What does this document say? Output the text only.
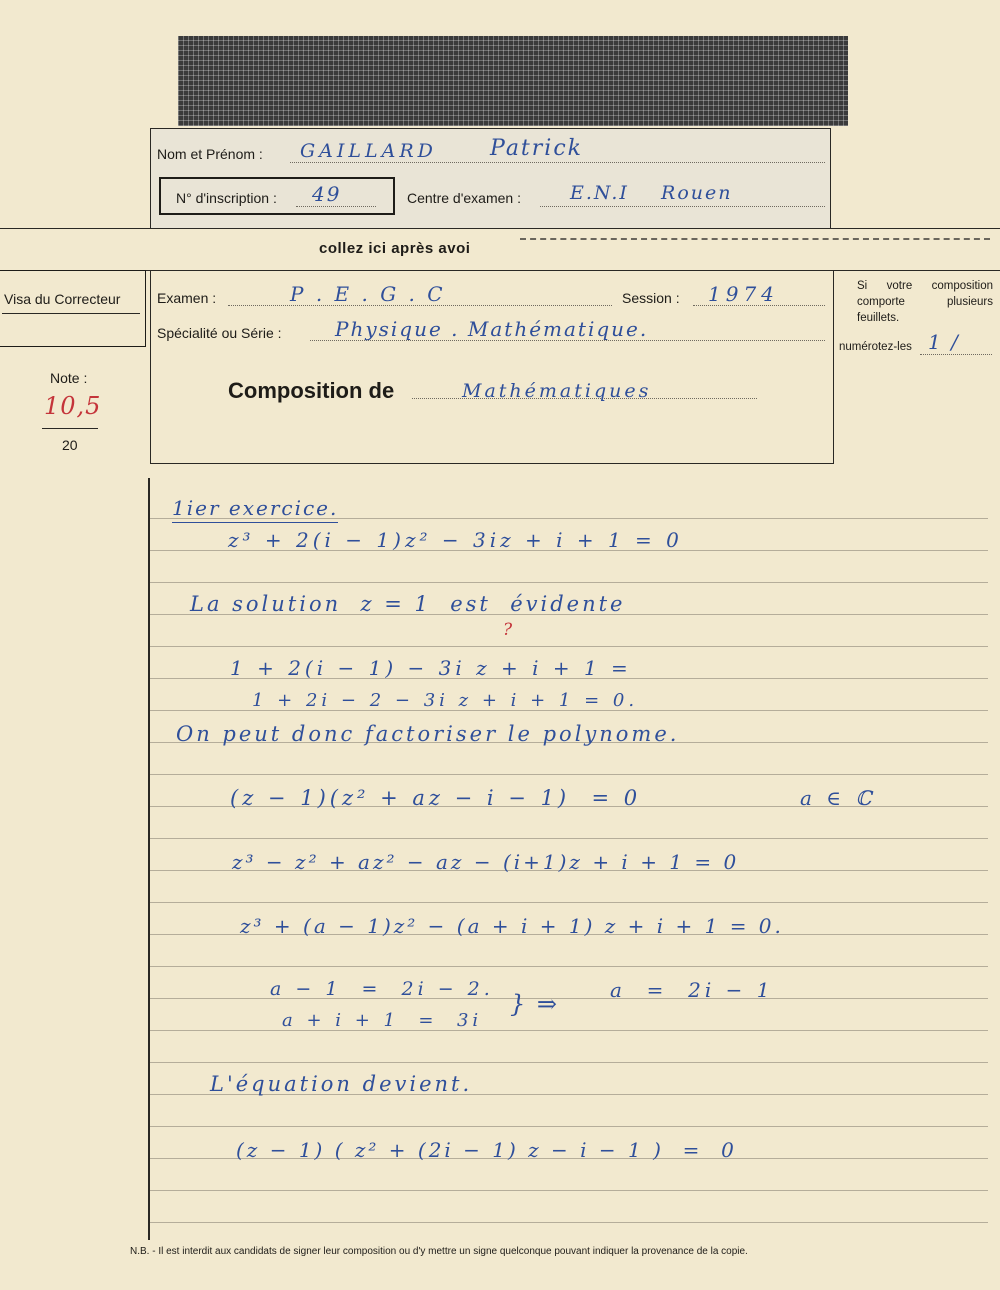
Nom et Prénom : GAILLARD Patrick
N° d'inscription : 49	Centre d'examen :	E.N.I    Rouen
collez ici après avoi
Visa du Correcteur
Note :
10,5
20
Examen :	P . E . G . C	Session : 1974
Spécialité ou Série :	Physique . Mathématique.
Composition de	Mathématiques
Si votre composition comporte plusieurs feuillets.
numérotez-les 1 /
1ier exercice.
z³ + 2(i − 1)z² − 3iz + i + 1 = 0
La solution  z = 1  est  évidente
?
1 + 2(i − 1) − 3i z + i + 1 =
1 + 2i − 2 − 3i z + i + 1 = 0.
On peut donc factoriser le polynome.
(z − 1)(z² + az − i − 1)  = 0	a ∈ ℂ
z³ − z² + az² − az − (i+1)z + i + 1 = 0
z³ + (a − 1)z² − (a + i + 1) z + i + 1 = 0.
a − 1  =  2i − 2.
a + i + 1  =  3i
} ⇒	a  =  2i − 1
L'équation devient.
(z − 1) ( z² + (2i − 1) z − i − 1 )  =  0
N.B. - Il est interdit aux candidats de signer leur composition ou d'y mettre un signe quelconque pouvant indiquer la provenance de la copie.
